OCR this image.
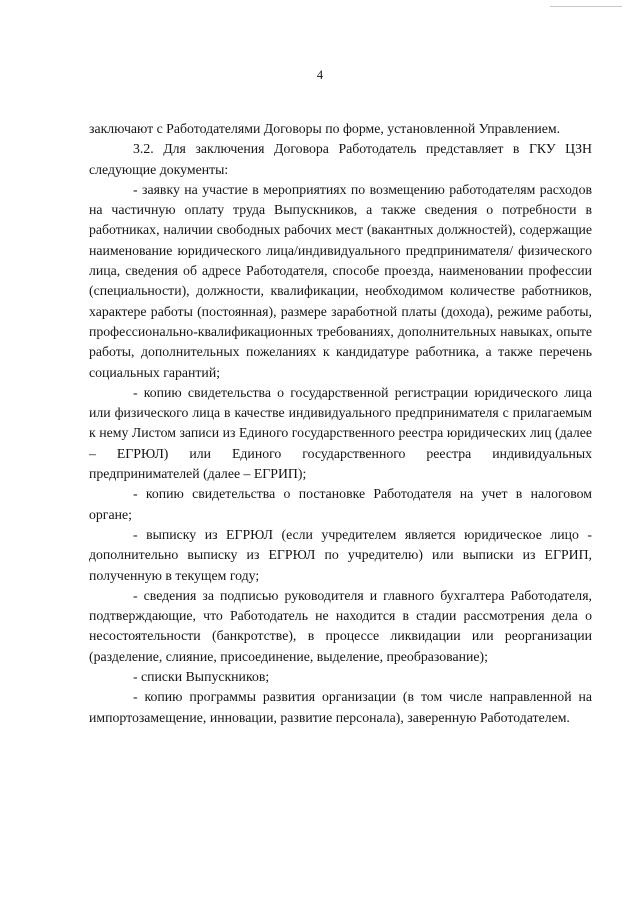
4

заключают с Работодателями Договоры по форме, установленной Управлением.

3.2. Для заключения Договора Работодатель представляет в ГКУ ЦЗН следующие документы:

- заявку на участие в мероприятиях по возмещению работодателям расходов на частичную оплату труда Выпускников, а также сведения о потребности в работниках, наличии свободных рабочих мест (вакантных должностей), содержащие наименование юридического лица/индивидуального предпринимателя/ физического лица, сведения об адресе Работодателя, способе проезда, наименовании профессии (специальности), должности, квалификации, необходимом количестве работников, характере работы (постоянная), размере заработной платы (дохода), режиме работы, профессионально-квалификационных требованиях, дополнительных навыках, опыте работы, дополнительных пожеланиях к кандидатуре работника, а также перечень социальных гарантий;

- копию свидетельства о государственной регистрации юридического лица или физического лица в качестве индивидуального предпринимателя с прилагаемым к нему Листом записи из Единого государственного реестра юридических лиц (далее – ЕГРЮЛ) или Единого государственного реестра индивидуальных предпринимателей (далее – ЕГРИП);

- копию свидетельства о постановке Работодателя на учет в налоговом органе;

- выписку из ЕГРЮЛ (если учредителем является юридическое лицо - дополнительно выписку из ЕГРЮЛ по учредителю) или выписки из ЕГРИП, полученную в текущем году;

- сведения за подписью руководителя и главного бухгалтера Работодателя, подтверждающие, что Работодатель не находится в стадии рассмотрения дела о несостоятельности (банкротстве), в процессе ликвидации или реорганизации (разделение, слияние, присоединение, выделение, преобразование);

- списки Выпускников;

- копию программы развития организации (в том числе направленной на импортозамещение, инновации, развитие персонала), заверенную Работодателем.
